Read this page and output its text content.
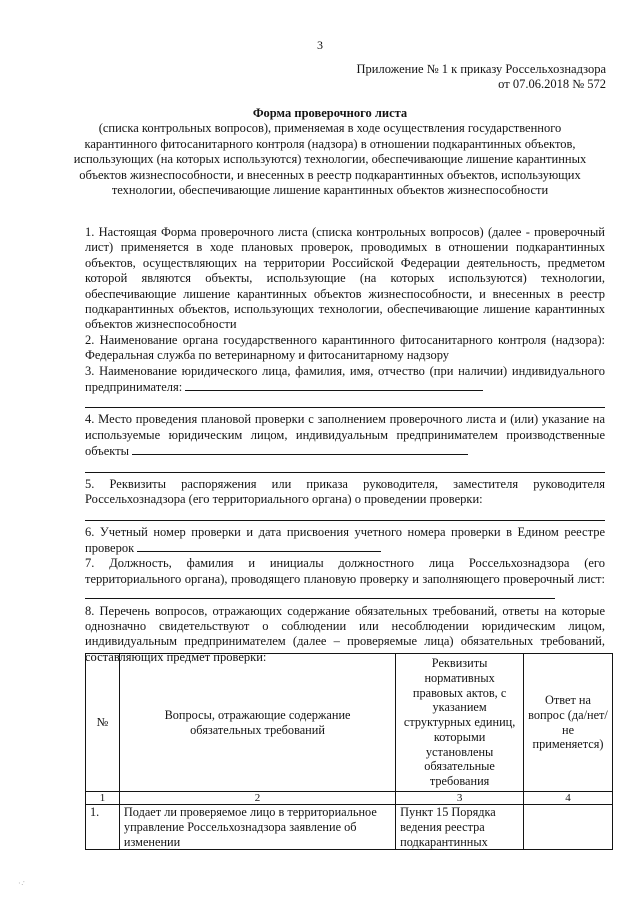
3
Приложение № 1 к приказу Россельхознадзора
от 07.06.2018 № 572
Форма проверочного листа
(списка контрольных вопросов), применяемая в ходе осуществления государственного карантинного фитосанитарного контроля (надзора) в отношении подкарантинных объектов, использующих (на которых используются) технологии, обеспечивающие лишение карантинных объектов жизнеспособности, и внесенных в реестр подкарантинных объектов, использующих технологии, обеспечивающие лишение карантинных объектов жизнеспособности

1. Настоящая Форма проверочного листа (списка контрольных вопросов) (далее - проверочный лист) применяется в ходе плановых проверок, проводимых в отношении подкарантинных объектов, осуществляющих на территории Российской Федерации деятельность, предметом которой являются объекты, использующие (на которых используются) технологии, обеспечивающие лишение карантинных объектов жизнеспособности, и внесенных в реестр подкарантинных объектов, использующих технологии, обеспечивающие лишение карантинных объектов жизнеспособности

2. Наименование органа государственного карантинного фитосанитарного контроля (надзора): Федеральная служба по ветеринарному и фитосанитарному надзору

3. Наименование юридического лица, фамилия, имя, отчество (при наличии) индивидуального предпринимателя:

4. Место проведения плановой проверки с заполнением проверочного листа и (или) указание на используемые юридическим лицом, индивидуальным предпринимателем производственные объекты

5. Реквизиты распоряжения или приказа руководителя, заместителя руководителя Россельхознадзора (его территориального органа) о проведении проверки:

6. Учетный номер проверки и дата присвоения учетного номера проверки в Едином реестре проверок

7. Должность, фамилия и инициалы должностного лица Россельхознадзора (его территориального органа), проводящего плановую проверку и заполняющего проверочный лист:

8. Перечень вопросов, отражающих содержание обязательных требований, ответы на которые однозначно свидетельствуют о соблюдении или несоблюдении юридическим лицом, индивидуальным предпринимателем (далее – проверяемые лица) обязательных требований, составляющих предмет проверки:

№	Вопросы, отражающие содержание обязательных требований	Реквизиты нормативных правовых актов, с указанием структурных единиц, которыми установлены обязательные требования	Ответ на вопрос (да/нет/не применяется)
1	2	3	4
1.	Подает ли проверяемое лицо в территориальное управление Россельхознадзора заявление об изменении	Пункт 15 Порядка ведения реестра подкарантинных	
·.·
